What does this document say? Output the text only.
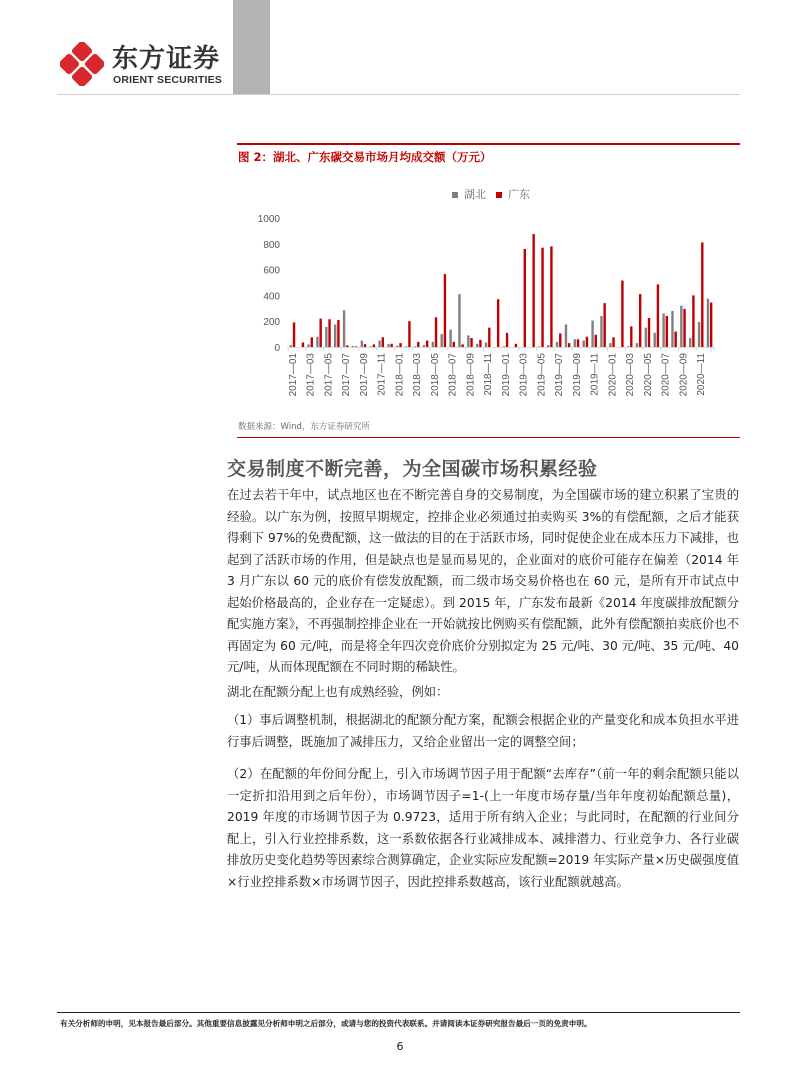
东方证券
ORIENT SECURITIES
图 2：湖北、广东碳交易市场月均成交额（万元）
湖北 广东
0
200
400
600
800
1000
2017—01 2017—03 2017—05 2017—07 2017—09 2017—11 2018—01 2018—03 2018—05 2018—07 2018—09 2018—11 2019—01 2019—03 2019—05 2019—07 2019—09 2019—11 2020—01 2020—03 2020—05 2020—07 2020—09 2020—11
数据来源：Wind，东方证券研究所
交易制度不断完善，为全国碳市场积累经验
在过去若干年中，试点地区也在不断完善自身的交易制度，为全国碳市场的建立积累了宝贵的经验。以广东为例，按照早期规定，控排企业必须通过拍卖购买 3%的有偿配额，之后才能获得剩下 97%的免费配额，这一做法的目的在于活跃市场，同时促使企业在成本压力下减排，也起到了活跃市场的作用，但是缺点也是显而易见的，企业面对的底价可能存在偏差（2014 年 3 月广东以 60 元的底价有偿发放配额，而二级市场交易价格也在 60 元，是所有开市试点中起始价格最高的，企业存在一定疑虑）。到 2015 年，广东发布最新《2014 年度碳排放配额分配实施方案》，不再强制控排企业在一开始就按比例购买有偿配额，此外有偿配额拍卖底价也不再固定为 60 元/吨，而是将全年四次竞价底价分别拟定为 25 元/吨、30 元/吨、35 元/吨、40 元/吨，从而体现配额在不同时期的稀缺性。
湖北在配额分配上也有成熟经验，例如：
（1）事后调整机制，根据湖北的配额分配方案，配额会根据企业的产量变化和成本负担水平进行事后调整，既施加了减排压力，又给企业留出一定的调整空间；
（2）在配额的年份间分配上，引入市场调节因子用于配额“去库存”（前一年的剩余配额只能以一定折扣沿用到之后年份），市场调节因子=1-(上一年度市场存量/当年年度初始配额总量)，2019 年度的市场调节因子为 0.9723，适用于所有纳入企业；与此同时，在配额的行业间分配上，引入行业控排系数，这一系数依据各行业减排成本、减排潜力、行业竞争力、各行业碳排放历史变化趋势等因素综合测算确定，企业实际应发配额=2019 年实际产量×历史碳强度值×行业控排系数×市场调节因子，因此控排系数越高，该行业配额就越高。
有关分析师的申明，见本报告最后部分。其他重要信息披露见分析师申明之后部分，或请与您的投资代表联系。并请阅读本证券研究报告最后一页的免责申明。
6
